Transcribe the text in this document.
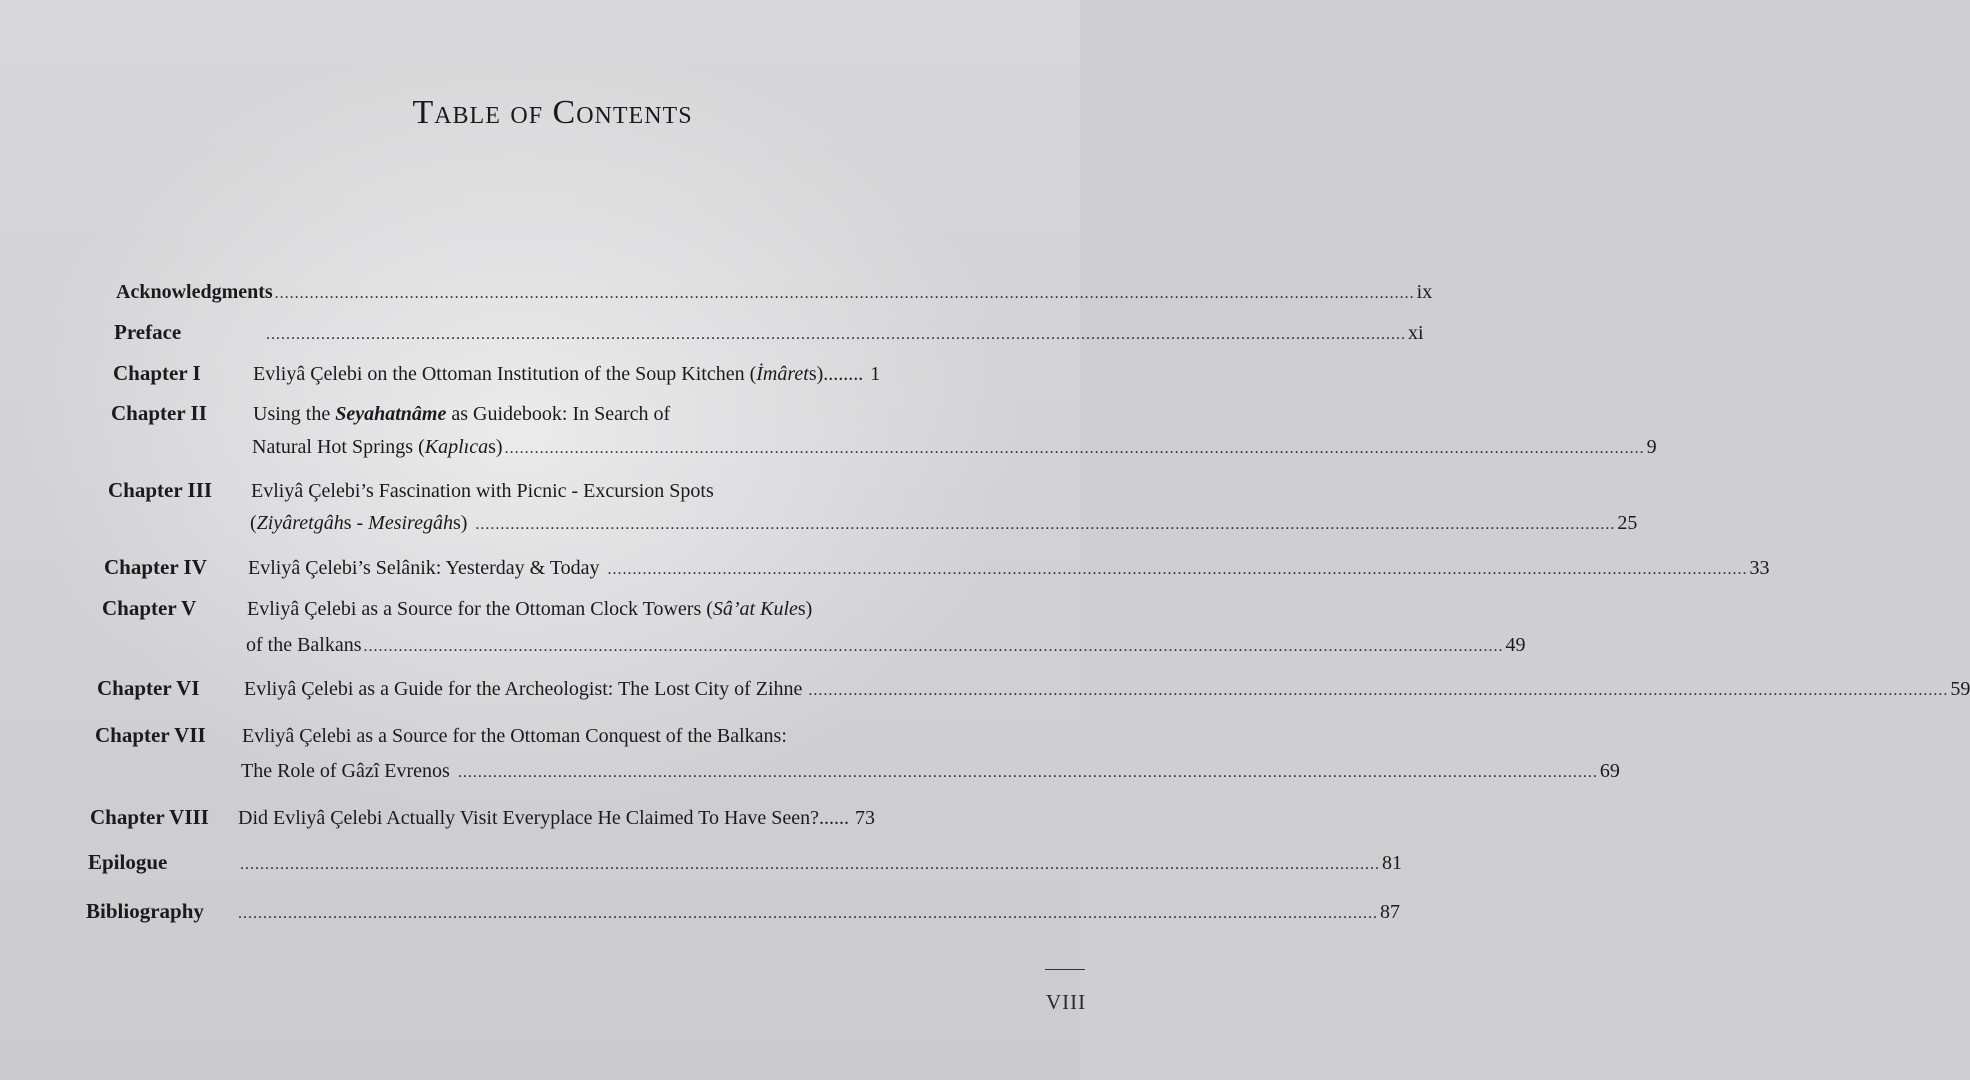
Table of Contents
Acknowledgments .....	ix
Preface .....	xi
Chapter I	Evliyâ Çelebi on the Ottoman Institution of the Soup Kitchen (İmârets)........ 1
Chapter II	Using the Seyahatnâme as Guidebook: In Search of
Natural Hot Springs (Kaplıcas) .....	9
Chapter III	Evliyâ Çelebi’s Fascination with Picnic - Excursion Spots
(Ziyâretgâhs - Mesiregâhs) .....	25
Chapter IV	Evliyâ Çelebi’s Selânik: Yesterday & Today .....	33
Chapter V	Evliyâ Çelebi as a Source for the Ottoman Clock Towers (Sâ’at Kules)
of the Balkans .....	49
Chapter VI	Evliyâ Çelebi as a Guide for the Archeologist: The Lost City of Zihne .....	59
Chapter VII	Evliyâ Çelebi as a Source for the Ottoman Conquest of the Balkans:
The Role of Gâzî Evrenos .....	69
Chapter VIII	Did Evliyâ Çelebi Actually Visit Everyplace He Claimed To Have Seen?...... 73
Epilogue .....	81
Bibliography .....	87
VIII
